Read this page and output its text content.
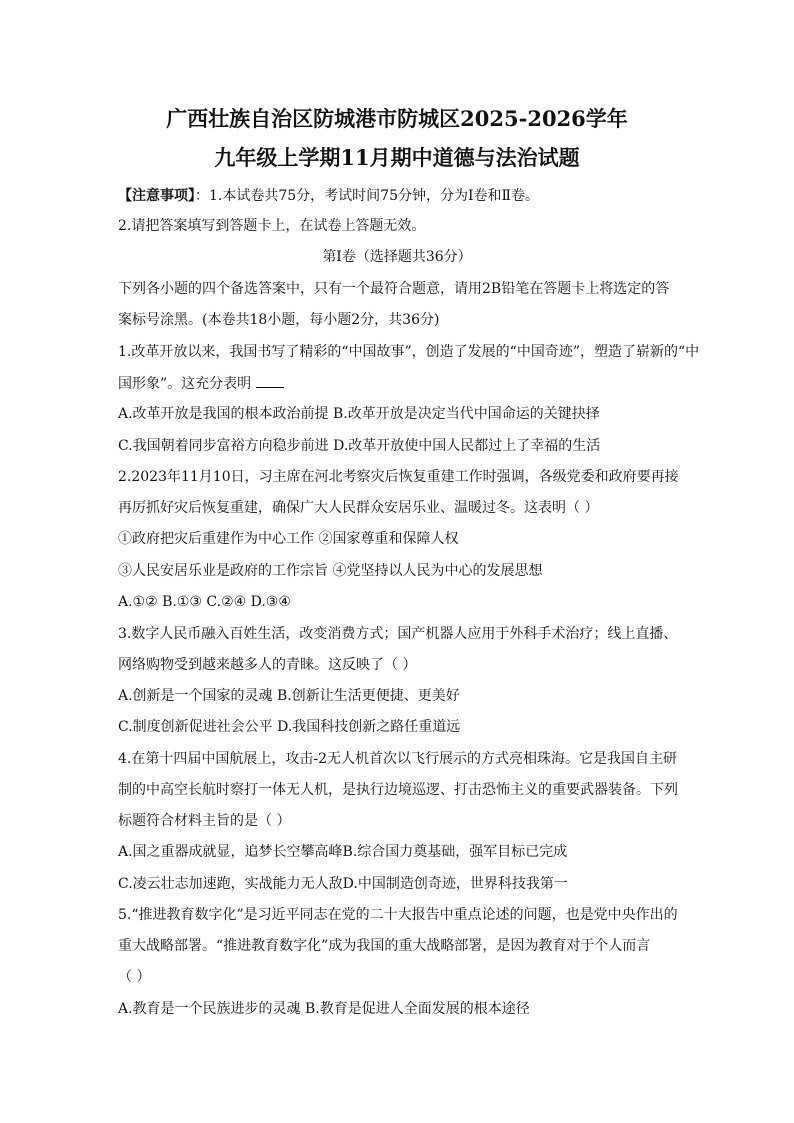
广西壮族自治区防城港市防城区2025-2026学年
九年级上学期11月期中道德与法治试题
【注意事项】：1.本试卷共75分，考试时间75分钟，分为Ⅰ卷和Ⅱ卷。
2.请把答案填写到答题卡上，在试卷上答题无效。
第Ⅰ卷（选择题共36分）
下列各小题的四个备选答案中，只有一个最符合题意，请用2B铅笔在答题卡上将选定的答
案标号涂黑。(本卷共18小题，每小题2分，共36分)
1.改革开放以来，我国书写了精彩的“中国故事”，创造了发展的“中国奇迹”，塑造了崭新的“中
国形象”。这充分表明
A.改革开放是我国的根本政治前提 B.改革开放是决定当代中国命运的关键抉择
C.我国朝着同步富裕方向稳步前进 D.改革开放使中国人民都过上了幸福的生活
2.2023年11月10日，习主席在河北考察灾后恢复重建工作时强调，各级党委和政府要再接
再厉抓好灾后恢复重建，确保广大人民群众安居乐业、温暖过冬。这表明（ ）
①政府把灾后重建作为中心工作 ②国家尊重和保障人权
③人民安居乐业是政府的工作宗旨 ④党坚持以人民为中心的发展思想
A.①② B.①③ C.②④ D.③④
3.数字人民币融入百姓生活，改变消费方式；国产机器人应用于外科手术治疗；线上直播、
网络购物受到越来越多人的青睐。这反映了（ ）
A.创新是一个国家的灵魂 B.创新让生活更便捷、更美好
C.制度创新促进社会公平 D.我国科技创新之路任重道远
4.在第十四届中国航展上，攻击-2无人机首次以飞行展示的方式亮相珠海。它是我国自主研
制的中高空长航时察打一体无人机，是执行边境巡逻、打击恐怖主义的重要武器装备。下列
标题符合材料主旨的是（ ）
A.国之重器成就显，追梦长空攀高峰B.综合国力奠基础，强军目标已完成
C.凌云壮志加速跑，实战能力无人敌D.中国制造创奇迹，世界科技我第一
5.“推进教育数字化”是习近平同志在党的二十大报告中重点论述的问题，也是党中央作出的
重大战略部署。“推进教育数字化”成为我国的重大战略部署，是因为教育对于个人而言
（ ）
A.教育是一个民族进步的灵魂 B.教育是促进人全面发展的根本途径
